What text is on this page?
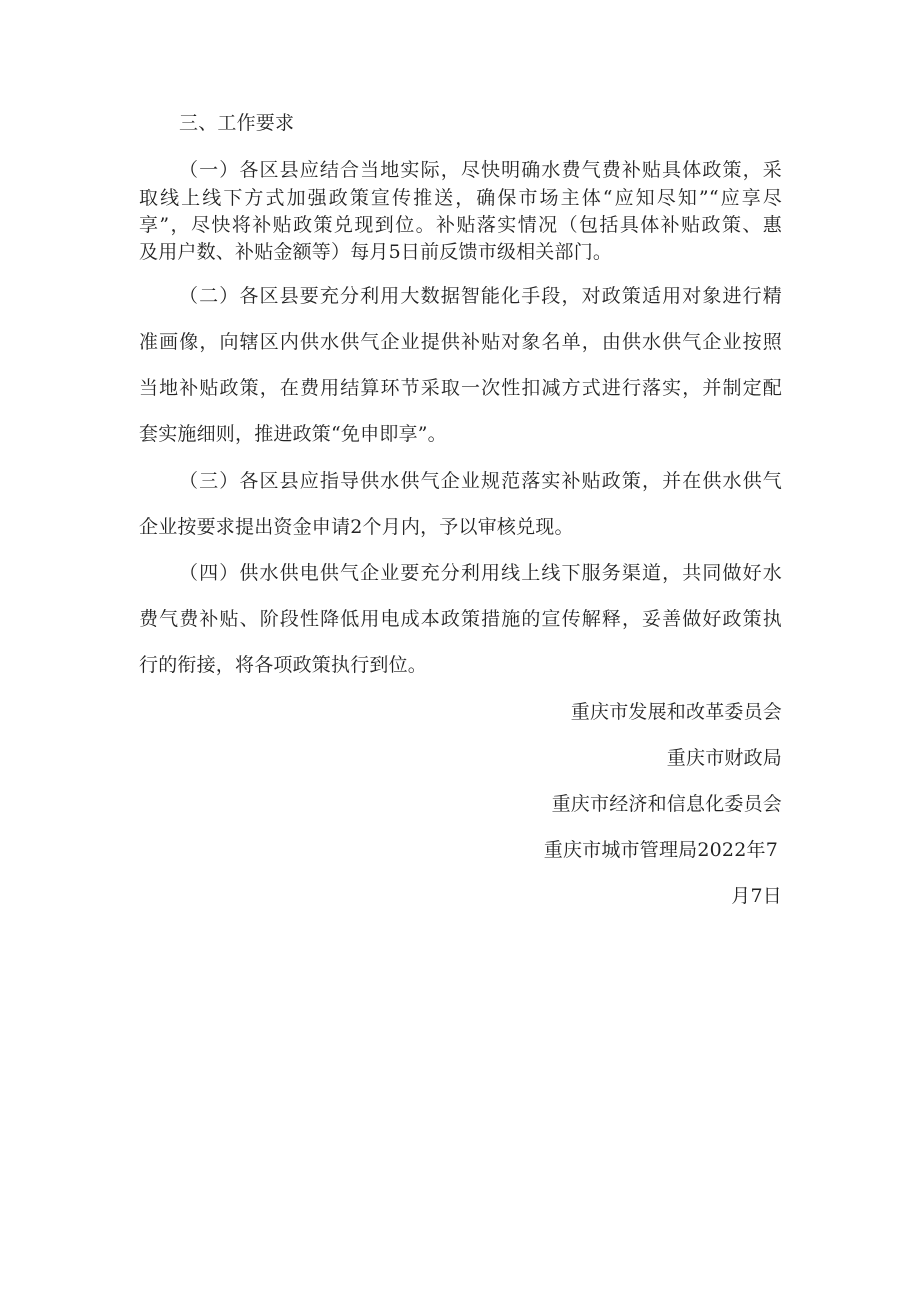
三、工作要求
（一）各区县应结合当地实际，尽快明确水费气费补贴具体政策，采
取线上线下方式加强政策宣传推送，确保市场主体“应知尽知”“应享尽
享”，尽快将补贴政策兑现到位。补贴落实情况（包括具体补贴政策、惠
及用户数、补贴金额等）每月5日前反馈市级相关部门。
（二）各区县要充分利用大数据智能化手段，对政策适用对象进行精
准画像，向辖区内供水供气企业提供补贴对象名单，由供水供气企业按照
当地补贴政策，在费用结算环节采取一次性扣减方式进行落实，并制定配
套实施细则，推进政策“免申即享”。
（三）各区县应指导供水供气企业规范落实补贴政策，并在供水供气
企业按要求提出资金申请2个月内，予以审核兑现。
（四）供水供电供气企业要充分利用线上线下服务渠道，共同做好水
费气费补贴、阶段性降低用电成本政策措施的宣传解释，妥善做好政策执
行的衔接，将各项政策执行到位。
重庆市发展和改革委员会
重庆市财政局
重庆市经济和信息化委员会
重庆市城市管理局2022年7
月7日
